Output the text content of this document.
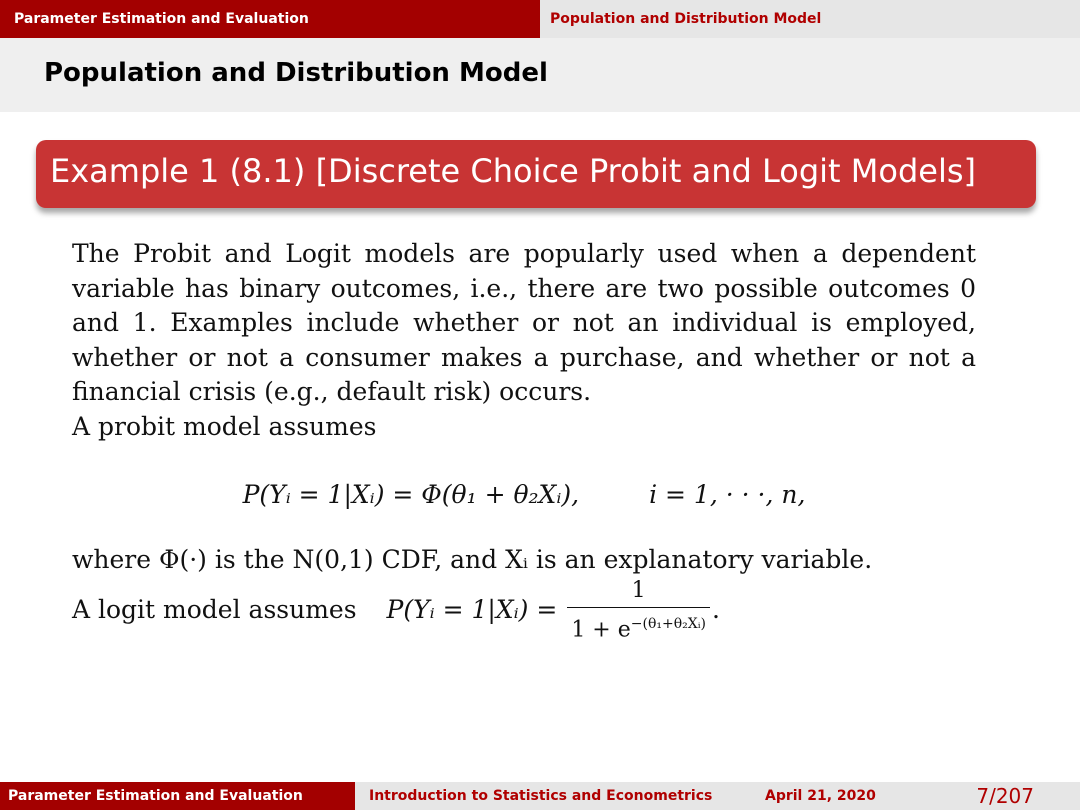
Parameter Estimation and Evaluation	Population and Distribution Model
Population and Distribution Model
Example 1 (8.1) [Discrete Choice Probit and Logit Models]

The Probit and Logit models are popularly used when a dependent variable has binary outcomes, i.e., there are two possible outcomes 0 and 1. Examples include whether or not an individual is employed, whether or not a consumer makes a purchase, and whether or not a financial crisis (e.g., default risk) occurs.

A probit model assumes

P(Yᵢ = 1|Xᵢ) = Φ(θ₁ + θ₂Xᵢ),	i = 1, · · ·, n,

where Φ(·) is the N(0,1) CDF, and Xᵢ is an explanatory variable.

A logit model assumes P(Yᵢ = 1|Xᵢ) = $\frac{1}{1 + e^{-(\theta_1+\theta_2Xᵢ)}}$ .
Parameter Estimation and Evaluation	Introduction to Statistics and Econometrics	April 21, 2020	7/207
